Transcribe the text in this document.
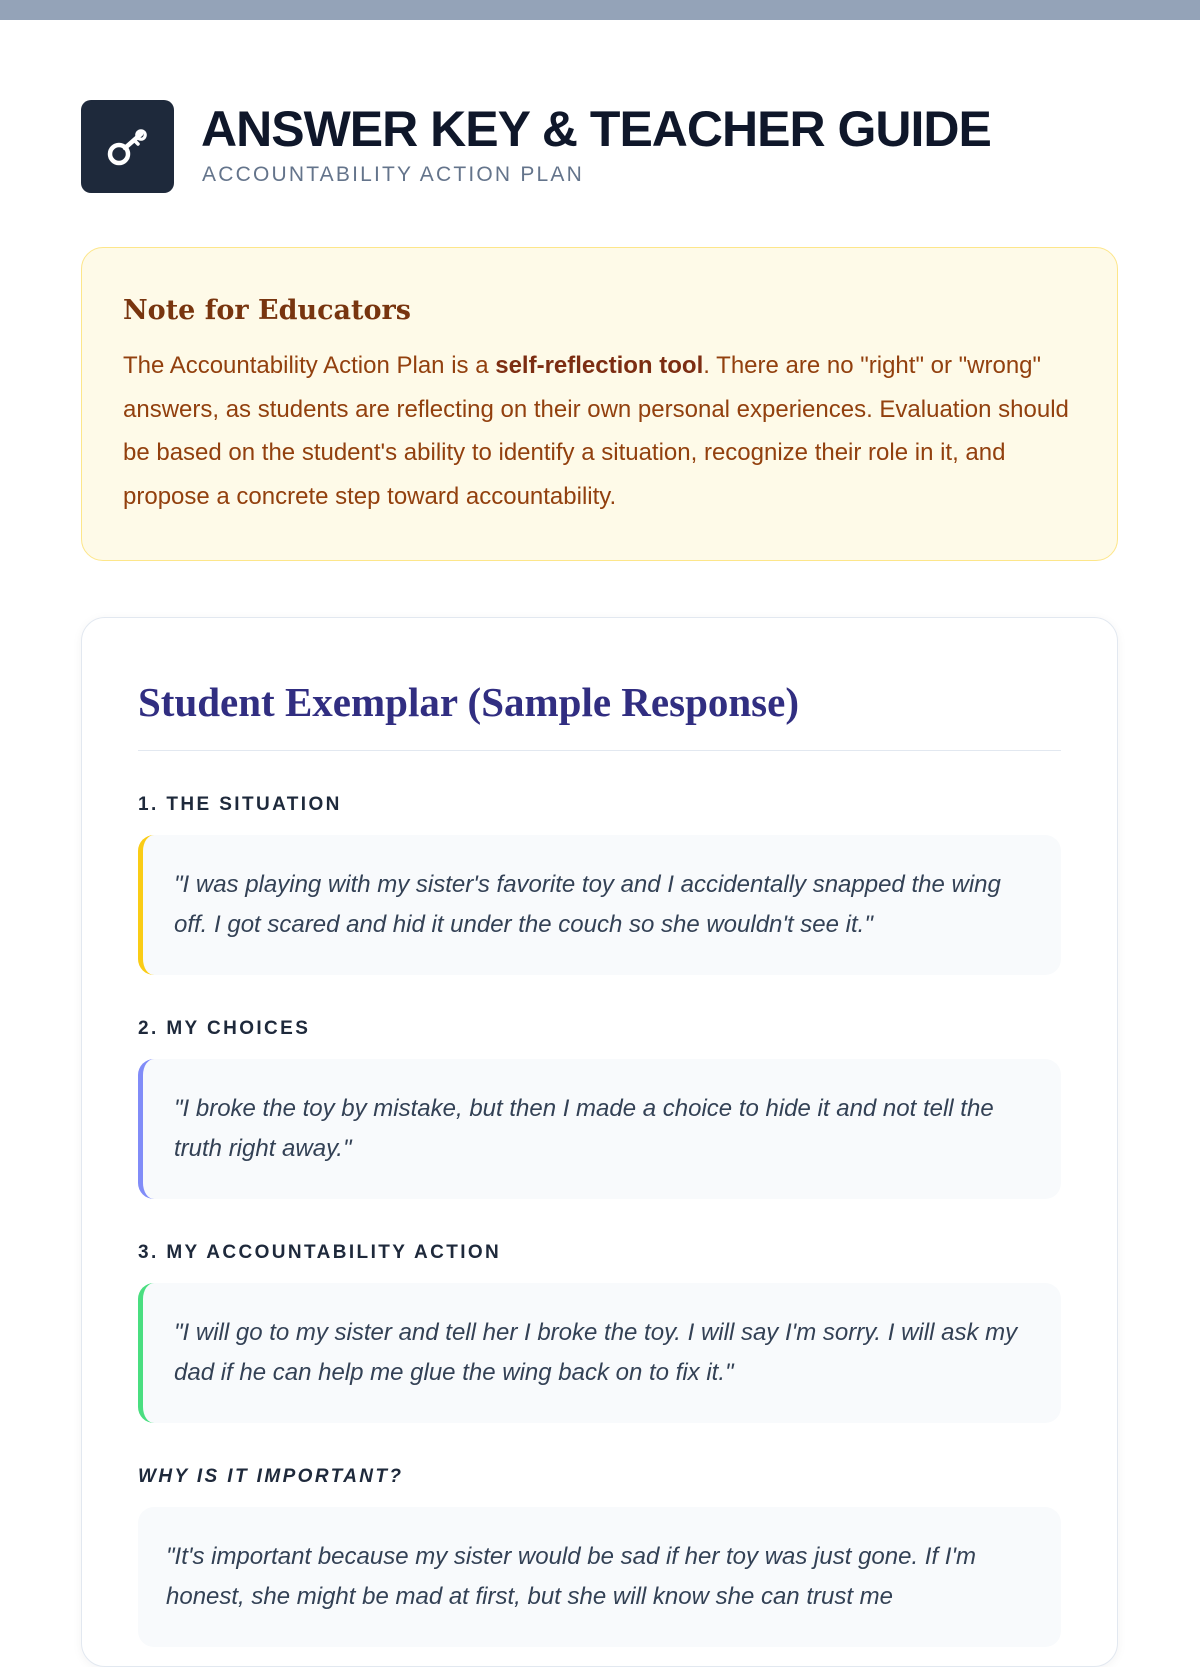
ANSWER KEY & TEACHER GUIDE
ACCOUNTABILITY ACTION PLAN
Note for Educators

The Accountability Action Plan is a self-reflection tool. There are no "right" or "wrong" answers, as students are reflecting on their own personal experiences. Evaluation should be based on the student's ability to identify a situation, recognize their role in it, and propose a concrete step toward accountability.

Student Exemplar (Sample Response)
1. THE SITUATION
"I was playing with my sister's favorite toy and I accidentally snapped the wing off. I got scared and hid it under the couch so she wouldn't see it."
2. MY CHOICES
"I broke the toy by mistake, but then I made a choice to hide it and not tell the truth right away."
3. MY ACCOUNTABILITY ACTION
"I will go to my sister and tell her I broke the toy. I will say I'm sorry. I will ask my dad if he can help me glue the wing back on to fix it."
WHY IS IT IMPORTANT?
"It's important because my sister would be sad if her toy was just gone. If I'm honest, she might be mad at first, but she will know she can trust me
